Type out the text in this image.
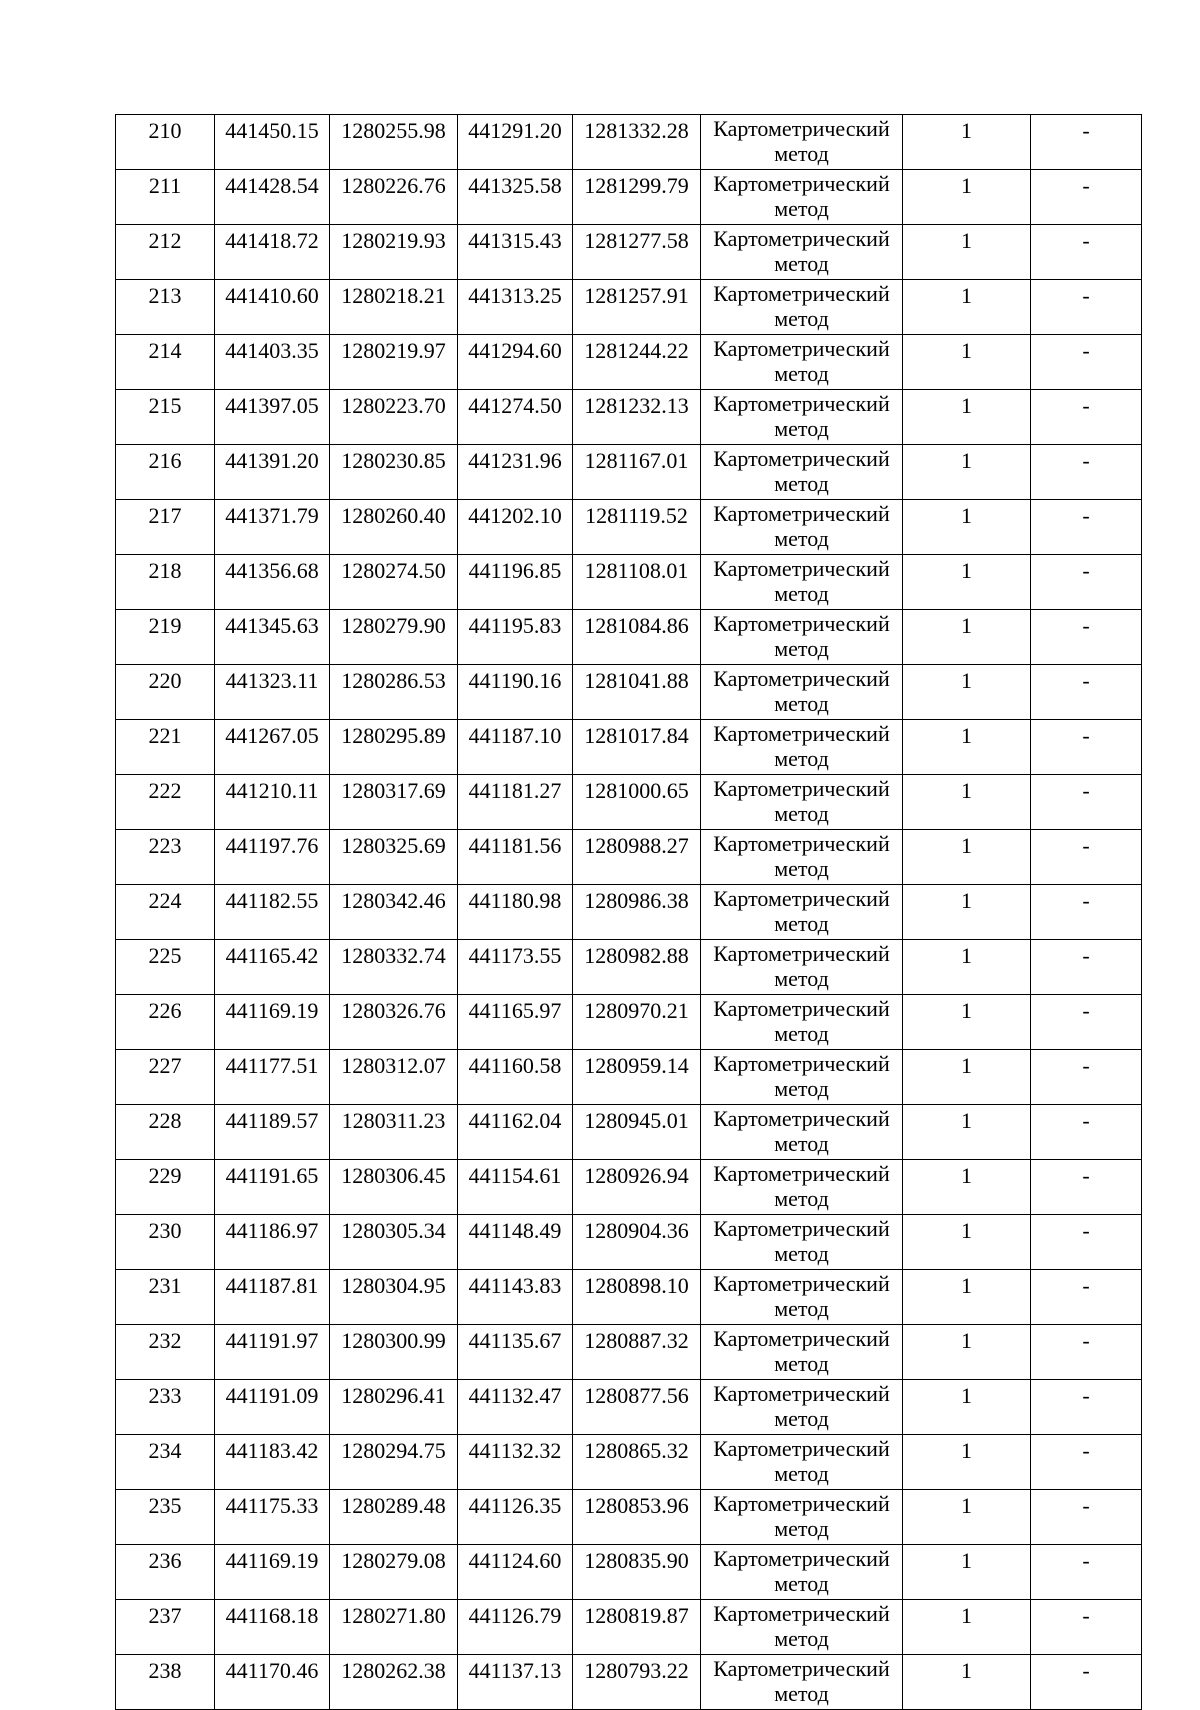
210	441450.15	1280255.98	441291.20	1281332.28	Картометрический
метод	1	-
211	441428.54	1280226.76	441325.58	1281299.79	Картометрический
метод	1	-
212	441418.72	1280219.93	441315.43	1281277.58	Картометрический
метод	1	-
213	441410.60	1280218.21	441313.25	1281257.91	Картометрический
метод	1	-
214	441403.35	1280219.97	441294.60	1281244.22	Картометрический
метод	1	-
215	441397.05	1280223.70	441274.50	1281232.13	Картометрический
метод	1	-
216	441391.20	1280230.85	441231.96	1281167.01	Картометрический
метод	1	-
217	441371.79	1280260.40	441202.10	1281119.52	Картометрический
метод	1	-
218	441356.68	1280274.50	441196.85	1281108.01	Картометрический
метод	1	-
219	441345.63	1280279.90	441195.83	1281084.86	Картометрический
метод	1	-
220	441323.11	1280286.53	441190.16	1281041.88	Картометрический
метод	1	-
221	441267.05	1280295.89	441187.10	1281017.84	Картометрический
метод	1	-
222	441210.11	1280317.69	441181.27	1281000.65	Картометрический
метод	1	-
223	441197.76	1280325.69	441181.56	1280988.27	Картометрический
метод	1	-
224	441182.55	1280342.46	441180.98	1280986.38	Картометрический
метод	1	-
225	441165.42	1280332.74	441173.55	1280982.88	Картометрический
метод	1	-
226	441169.19	1280326.76	441165.97	1280970.21	Картометрический
метод	1	-
227	441177.51	1280312.07	441160.58	1280959.14	Картометрический
метод	1	-
228	441189.57	1280311.23	441162.04	1280945.01	Картометрический
метод	1	-
229	441191.65	1280306.45	441154.61	1280926.94	Картометрический
метод	1	-
230	441186.97	1280305.34	441148.49	1280904.36	Картометрический
метод	1	-
231	441187.81	1280304.95	441143.83	1280898.10	Картометрический
метод	1	-
232	441191.97	1280300.99	441135.67	1280887.32	Картометрический
метод	1	-
233	441191.09	1280296.41	441132.47	1280877.56	Картометрический
метод	1	-
234	441183.42	1280294.75	441132.32	1280865.32	Картометрический
метод	1	-
235	441175.33	1280289.48	441126.35	1280853.96	Картометрический
метод	1	-
236	441169.19	1280279.08	441124.60	1280835.90	Картометрический
метод	1	-
237	441168.18	1280271.80	441126.79	1280819.87	Картометрический
метод	1	-
238	441170.46	1280262.38	441137.13	1280793.22	Картометрический
метод	1	-
